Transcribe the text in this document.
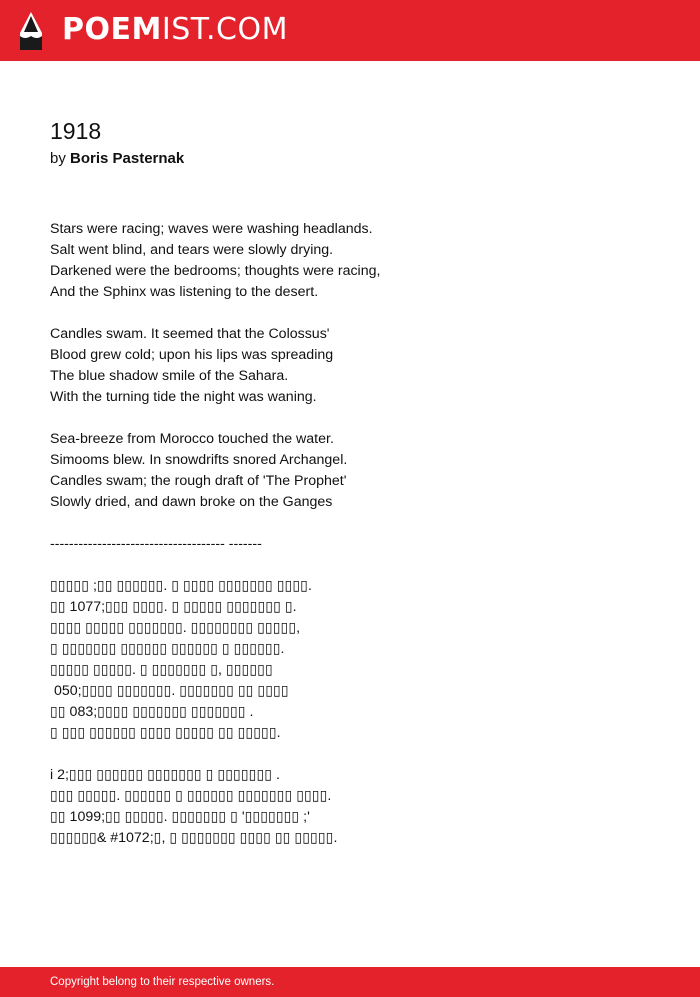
POEMIST.COM
1918
by Boris Pasternak
Stars were racing; waves were washing headlands.
Salt went blind, and tears were slowly drying.
Darkened were the bedrooms; thoughts were racing,
And the Sphinx was listening to the desert.
Candles swam. It seemed that the Colossus'
Blood grew cold; upon his lips was spreading
The blue shadow smile of the Sahara.
With the turning tide the night was waning.
Sea-breeze from Morocco touched the water.
Simooms blew. In snowdrifts snored Archangel.
Candles swam; the rough draft of 'The Prophet'
Slowly dried, and dawn broke on the Ganges
------------------------------------- -------
▯▯▯▯▯ ;▯▯ ▯▯▯▯▯▯. ▯ ▯▯▯▯ ▯▯▯▯▯▯▯ ▯▯▯▯.
▯▯ 1077;▯▯▯ ▯▯▯▯. ▯ ▯▯▯▯▯ ▯▯▯▯▯▯▯ ▯.
▯▯▯▯ ▯▯▯▯▯ ▯▯▯▯▯▯▯. ▯▯▯▯▯▯▯▯ ▯▯▯▯▯,
▯ ▯▯▯▯▯▯▯ ▯▯▯▯▯▯ ▯▯▯▯▯▯ ▯ ▯▯▯▯▯▯.
▯▯▯▯▯ ▯▯▯▯▯. ▯ ▯▯▯▯▯▯▯ ▯, ▯▯▯▯▯▯
050;▯▯▯▯ ▯▯▯▯▯▯▯. ▯▯▯▯▯▯▯ ▯▯ ▯▯▯▯
▯▯ 083;▯▯▯▯ ▯▯▯▯▯▯▯ ▯▯▯▯▯▯▯ .
▯ ▯▯▯ ▯▯▯▯▯▯ ▯▯▯▯ ▯▯▯▯▯ ▯▯ ▯▯▯▯▯.
i 2;▯▯▯ ▯▯▯▯▯▯ ▯▯▯▯▯▯▯ ▯ ▯▯▯▯▯▯▯ .
▯▯▯ ▯▯▯▯▯. ▯▯▯▯▯▯ ▯ ▯▯▯▯▯▯ ▯▯▯▯▯▯▯ ▯▯▯▯.
▯▯ 1099;▯▯ ▯▯▯▯▯. ▯▯▯▯▯▯▯ ▯ '▯▯▯▯▯▯▯ ;'
▯▯▯▯▯▯& #1072;▯, ▯ ▯▯▯▯▯▯▯ ▯▯▯▯ ▯▯ ▯▯▯▯▯.
Copyright belong to their respective owners.
